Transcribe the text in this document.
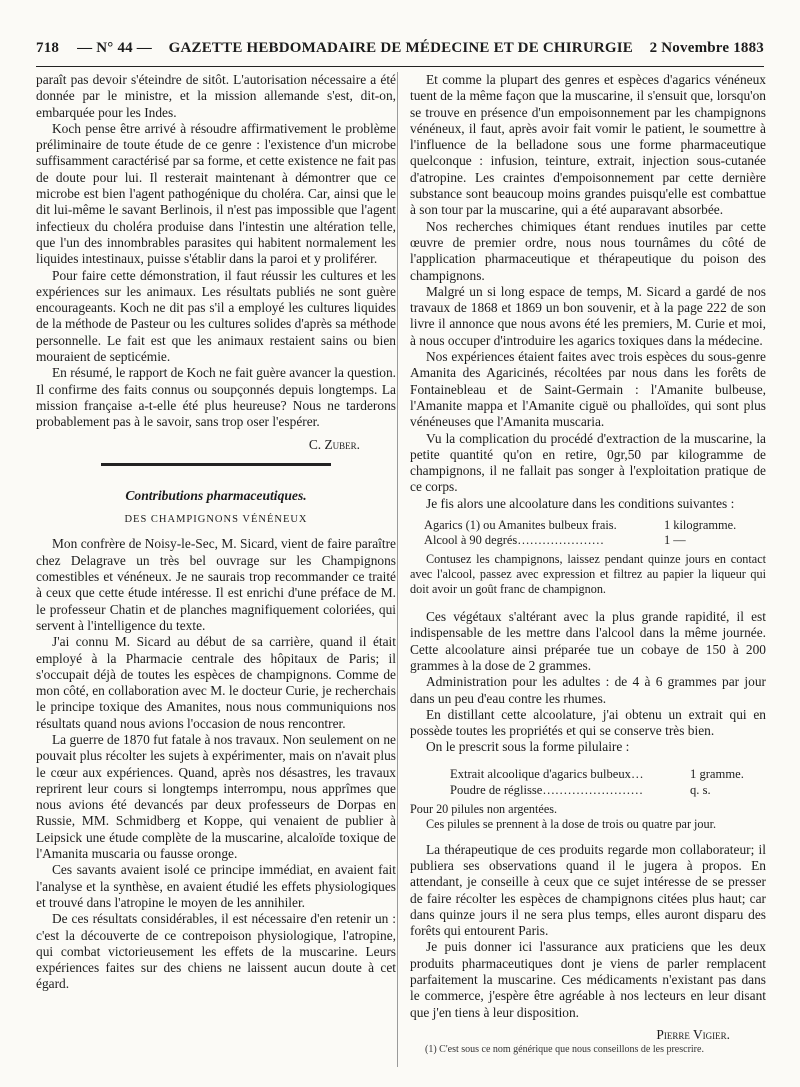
718 — N° 44 — GAZETTE HEBDOMADAIRE DE MÉDECINE ET DE CHIRURGIE 2 Novembre 1883

paraît pas devoir s'éteindre de sitôt. L'autorisation nécessaire a été donnée par le ministre, et la mission allemande s'est, dit-on, embarquée pour les Indes.

Koch pense être arrivé à résoudre affirmativement le problème préliminaire de toute étude de ce genre : l'existence d'un microbe suffisamment caractérisé par sa forme, et cette existence ne fait pas de doute pour lui. Il resterait maintenant à démontrer que ce microbe est bien l'agent pathogénique du choléra. Car, ainsi que le dit lui-même le savant Berlinois, il n'est pas impossible que l'agent infectieux du choléra produise dans l'intestin une altération telle, que l'un des innombrables parasites qui habitent normalement les liquides intestinaux, puisse s'établir dans la paroi et y proliférer.

Pour faire cette démonstration, il faut réussir les cultures et les expériences sur les animaux. Les résultats publiés ne sont guère encourageants. Koch ne dit pas s'il a employé les cultures liquides de la méthode de Pasteur ou les cultures solides d'après sa méthode personnelle. Le fait est que les animaux restaient sains ou bien mouraient de septicémie.

En résumé, le rapport de Koch ne fait guère avancer la question. Il confirme des faits connus ou soupçonnés depuis longtemps. La mission française a-t-elle été plus heureuse? Nous ne tarderons probablement pas à le savoir, sans trop oser l'espérer.

C. Zuber.
Contributions pharmaceutiques.
DES CHAMPIGNONS VÉNÉNEUX

Mon confrère de Noisy-le-Sec, M. Sicard, vient de faire paraître chez Delagrave un très bel ouvrage sur les Champignons comestibles et vénéneux. Je ne saurais trop recommander ce traité à ceux que cette étude intéresse. Il est enrichi d'une préface de M. le professeur Chatin et de planches magnifiquement coloriées, qui servent à l'intelligence du texte.

J'ai connu M. Sicard au début de sa carrière, quand il était employé à la Pharmacie centrale des hôpitaux de Paris; il s'occupait déjà de toutes les espèces de champignons. Comme de mon côté, en collaboration avec M. le docteur Curie, je recherchais le principe toxique des Amanites, nous nous communiquions nos résultats quand nous avions l'occasion de nous rencontrer.

La guerre de 1870 fut fatale à nos travaux. Non seulement on ne pouvait plus récolter les sujets à expérimenter, mais on n'avait plus le cœur aux expériences. Quand, après nos désastres, les travaux reprirent leur cours si longtemps interrompu, nous apprîmes que nous avions été devancés par deux professeurs de Dorpas en Russie, MM. Schmidberg et Koppe, qui venaient de publier à Leipsick une étude complète de la muscarine, alcaloïde toxique de l'Amanita muscaria ou fausse oronge.

Ces savants avaient isolé ce principe immédiat, en avaient fait l'analyse et la synthèse, en avaient étudié les effets physiologiques et trouvé dans l'atropine le moyen de les annihiler.

De ces résultats considérables, il est nécessaire d'en retenir un : c'est la découverte de ce contrepoison physiologique, l'atropine, qui combat victorieusement les effets de la muscarine. Leurs expériences faites sur des chiens ne laissent aucun doute à cet égard.

Et comme la plupart des genres et espèces d'agarics vénéneux tuent de la même façon que la muscarine, il s'ensuit que, lorsqu'on se trouve en présence d'un empoisonnement par les champignons vénéneux, il faut, après avoir fait vomir le patient, le soumettre à l'influence de la belladone sous une forme pharmaceutique quelconque : infusion, teinture, extrait, injection sous-cutanée d'atropine. Les craintes d'empoisonnement par cette dernière substance sont beaucoup moins grandes puisqu'elle est combattue à son tour par la muscarine, qui a été auparavant absorbée.

Nos recherches chimiques étant rendues inutiles par cette œuvre de premier ordre, nous nous tournâmes du côté de l'application pharmaceutique et thérapeutique du poison des champignons.

Malgré un si long espace de temps, M. Sicard a gardé de nos travaux de 1868 et 1869 un bon souvenir, et à la page 222 de son livre il annonce que nous avons été les premiers, M. Curie et moi, à nous occuper d'introduire les agarics toxiques dans la médecine.

Nos expériences étaient faites avec trois espèces du sous-genre Amanita des Agaricinés, récoltées par nous dans les forêts de Fontainebleau et de Saint-Germain : l'Amanite bulbeuse, l'Amanite mappa et l'Amanite ciguë ou phalloïdes, qui sont plus vénéneuses que l'Amanita muscaria.

Vu la complication du procédé d'extraction de la muscarine, la petite quantité qu'on en retire, 0gr,50 par kilogramme de champignons, il ne fallait pas songer à l'exploitation pratique de ce corps.

Je fis alors une alcoolature dans les conditions suivantes :

Agarics (1) ou Amanites bulbeux frais.	1 kilogramme.
Alcool à 90 degrés…………………	1 —

Contusez les champignons, laissez pendant quinze jours en contact avec l'alcool, passez avec expression et filtrez au papier la liqueur qui doit avoir un goût franc de champignon.

Ces végétaux s'altérant avec la plus grande rapidité, il est indispensable de les mettre dans l'alcool dans la même journée. Cette alcoolature ainsi préparée tue un cobaye de 150 à 200 grammes à la dose de 2 grammes.

Administration pour les adultes : de 4 à 6 grammes par jour dans un peu d'eau contre les rhumes.

En distillant cette alcoolature, j'ai obtenu un extrait qui en possède toutes les propriétés et qui se conserve très bien.

On le prescrit sous la forme pilulaire :

Extrait alcoolique d'agarics bulbeux…	1 gramme.
Poudre de réglisse……………………	q. s.

Pour 20 pilules non argentées.

Ces pilules se prennent à la dose de trois ou quatre par jour.

La thérapeutique de ces produits regarde mon collaborateur; il publiera ses observations quand il le jugera à propos. En attendant, je conseille à ceux que ce sujet intéresse de se presser de faire récolter les espèces de champignons citées plus haut; car dans quinze jours il ne sera plus temps, elles auront disparu des forêts qui entourent Paris.

Je puis donner ici l'assurance aux praticiens que les deux produits pharmaceutiques dont je viens de parler remplacent parfaitement la muscarine. Ces médicaments n'existant pas dans le commerce, j'espère être agréable à nos lecteurs en leur disant que j'en tiens à leur disposition.

Pierre Vigier.
(1) C'est sous ce nom générique que nous conseillons de les prescrire.
